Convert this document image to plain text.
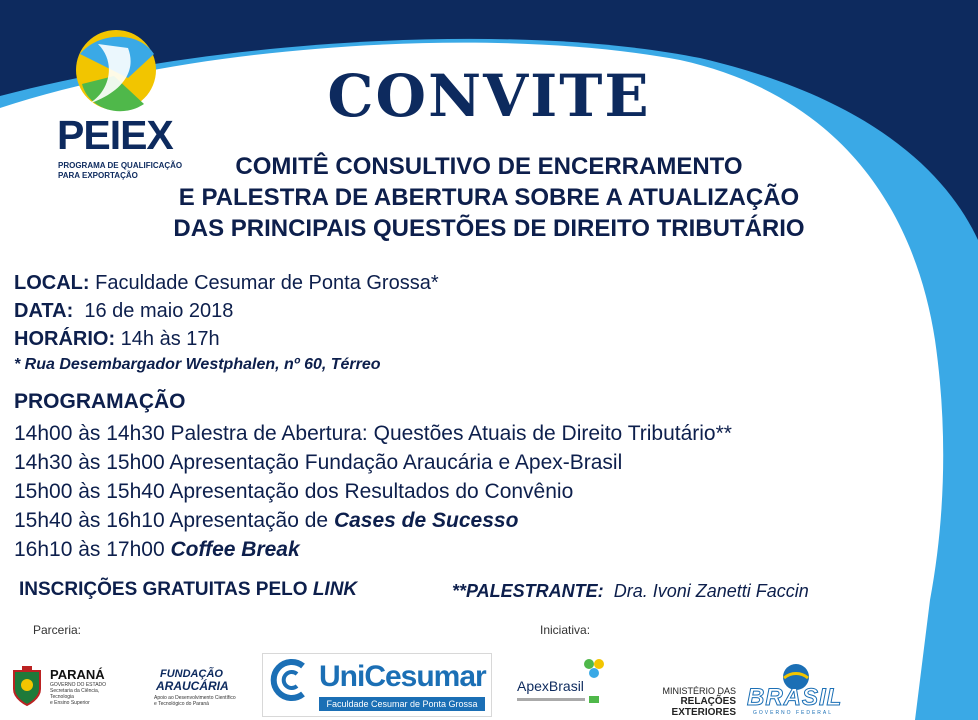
PEIEX
PROGRAMA DE QUALIFICAÇÃO
PARA EXPORTAÇÃO
CONVITE
COMITÊ CONSULTIVO DE ENCERRAMENTO
E PALESTRA DE ABERTURA SOBRE A ATUALIZAÇÃO
DAS PRINCIPAIS QUESTÕES DE DIREITO TRIBUTÁRIO
LOCAL: Faculdade Cesumar de Ponta Grossa*
DATA: 16 de maio 2018
HORÁRIO: 14h às 17h
* Rua Desembargador Westphalen, nº 60, Térreo
PROGRAMAÇÃO
14h00 às 14h30 Palestra de Abertura: Questões Atuais de Direito Tributário**
14h30 às 15h00 Apresentação Fundação Araucária e Apex-Brasil
15h00 às 15h40 Apresentação dos Resultados do Convênio
15h40 às 16h10 Apresentação de Cases de Sucesso
16h10 às 17h00 Coffee Break
INSCRIÇÕES GRATUITAS PELO LINK	**PALESTRANTE: Dra. Ivoni Zanetti Faccin
Parceria:	Iniciativa:
PARANÁ
GOVERNO DO ESTADO
Secretaria da Ciência, Tecnologia
e Ensino Superior
FUNDAÇÃO
ARAUCÁRIA
Apoio ao Desenvolvimento Científico
e Tecnológico do Paraná
UniCesumar
Faculdade Cesumar de Ponta Grossa
ApexBrasil	MINISTÉRIO DAS
RELAÇÕES EXTERIORES
BRASIL
GOVERNO FEDERAL
